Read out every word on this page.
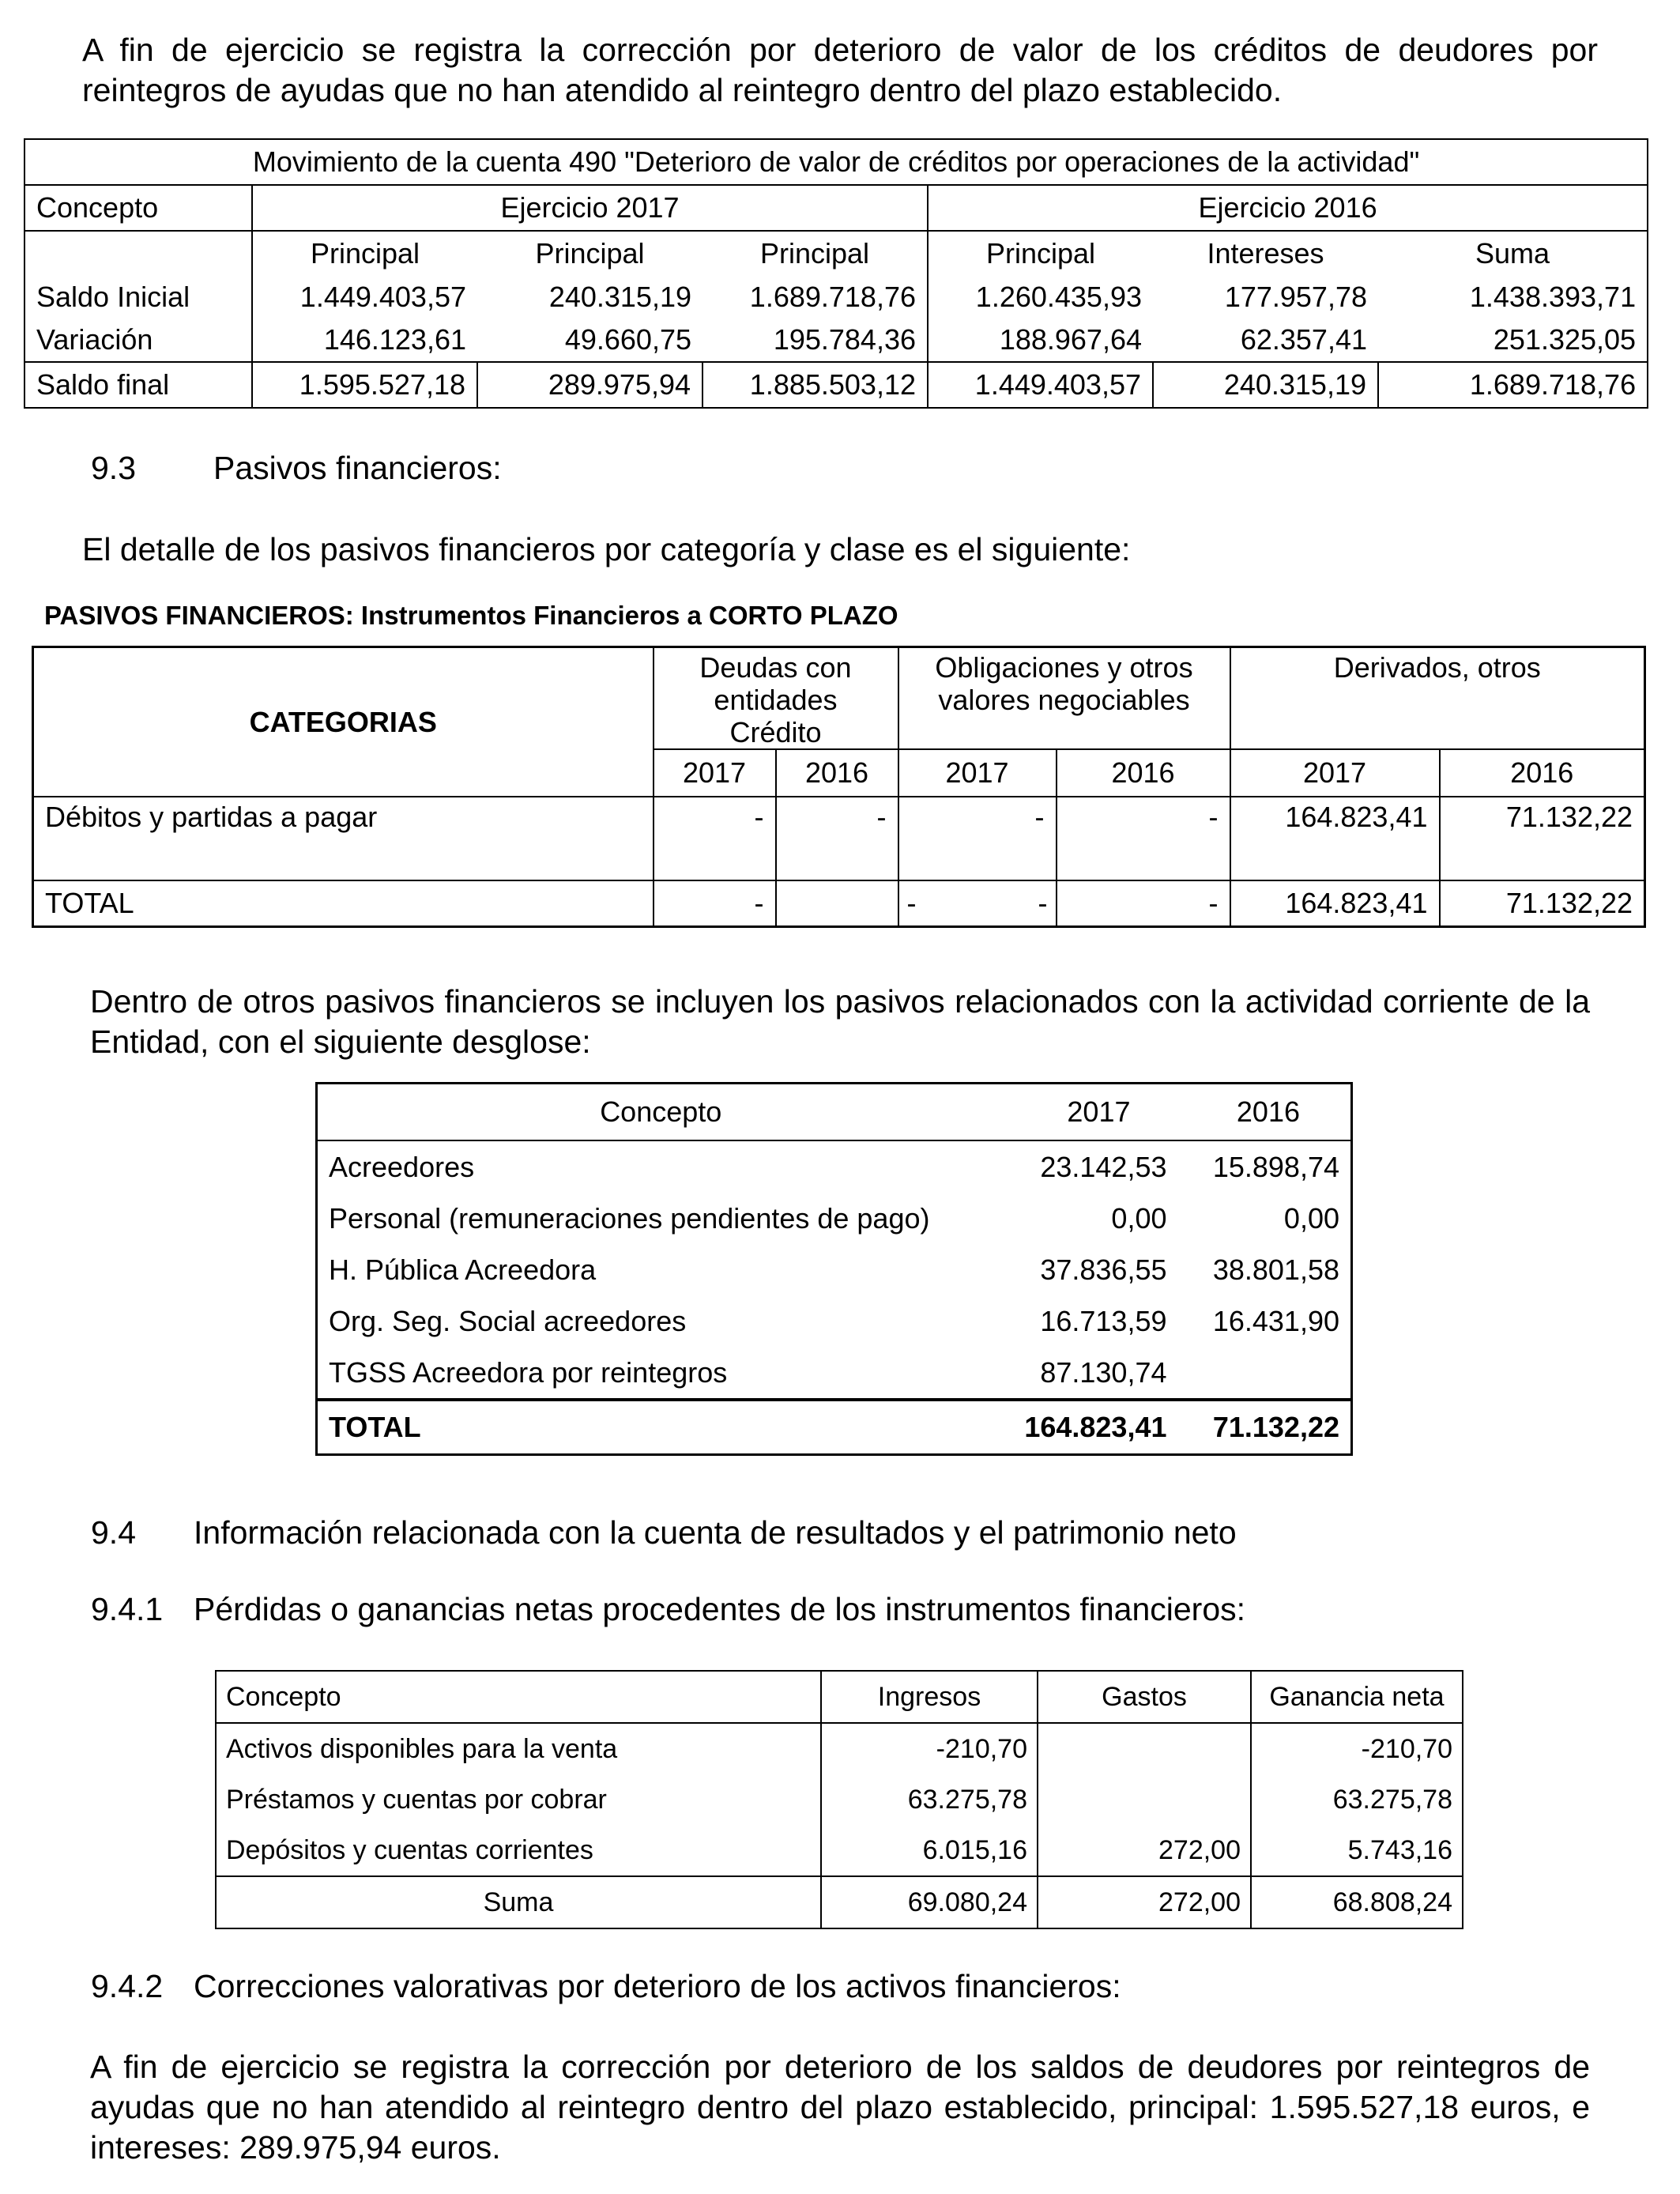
A fin de ejercicio se registra la corrección por deterioro de valor de los créditos de deudores por reintegros de ayudas que no han atendido al reintegro dentro del plazo establecido.
Movimiento de la cuenta 490 "Deterioro de valor de créditos por operaciones de la actividad"						
Concepto	Ejercicio 2017			Ejercicio 2016		
	Principal	Principal	Principal	Principal	Intereses	Suma
Saldo Inicial	1.449.403,57	240.315,19	1.689.718,76	1.260.435,93	177.957,78	1.438.393,71
Variación	146.123,61	49.660,75	195.784,36	188.967,64	62.357,41	251.325,05
Saldo final	1.595.527,18	289.975,94	1.885.503,12	1.449.403,57	240.315,19	1.689.718,76
9.3 Pasivos financieros:
El detalle de los pasivos financieros por categoría y clase es el siguiente:
PASIVOS FINANCIEROS: Instrumentos Financieros a CORTO PLAZO
CATEGORIAS	Deudas con entidades Crédito		Obligaciones y otros valores negociables		Derivados, otros	
	2017	2016	2017	2016	2017	2016
Débitos y partidas a pagar	-	-	-	-	164.823,41	71.132,22
TOTAL	-		- -	-	164.823,41	71.132,22
Dentro de otros pasivos financieros se incluyen los pasivos relacionados con la actividad corriente de la Entidad, con el siguiente desglose:
Concepto	2017	2016
Acreedores	23.142,53	15.898,74
Personal (remuneraciones pendientes de pago)	0,00	0,00
H. Pública Acreedora	37.836,55	38.801,58
Org. Seg. Social acreedores	16.713,59	16.431,90
TGSS Acreedora por reintegros	87.130,74	
TOTAL	164.823,41	71.132,22
9.4 Información relacionada con la cuenta de resultados y el patrimonio neto
9.4.1 Pérdidas o ganancias netas procedentes de los instrumentos financieros:
Concepto	Ingresos	Gastos	Ganancia neta
Activos disponibles para la venta	-210,70		-210,70
Préstamos y cuentas por cobrar	63.275,78		63.275,78
Depósitos y cuentas corrientes	6.015,16	272,00	5.743,16
Suma	69.080,24	272,00	68.808,24
9.4.2 Correcciones valorativas por deterioro de los activos financieros:
A fin de ejercicio se registra la corrección por deterioro de los saldos de deudores por reintegros de ayudas que no han atendido al reintegro dentro del plazo establecido, principal: 1.595.527,18 euros, e intereses: 289.975,94 euros.
